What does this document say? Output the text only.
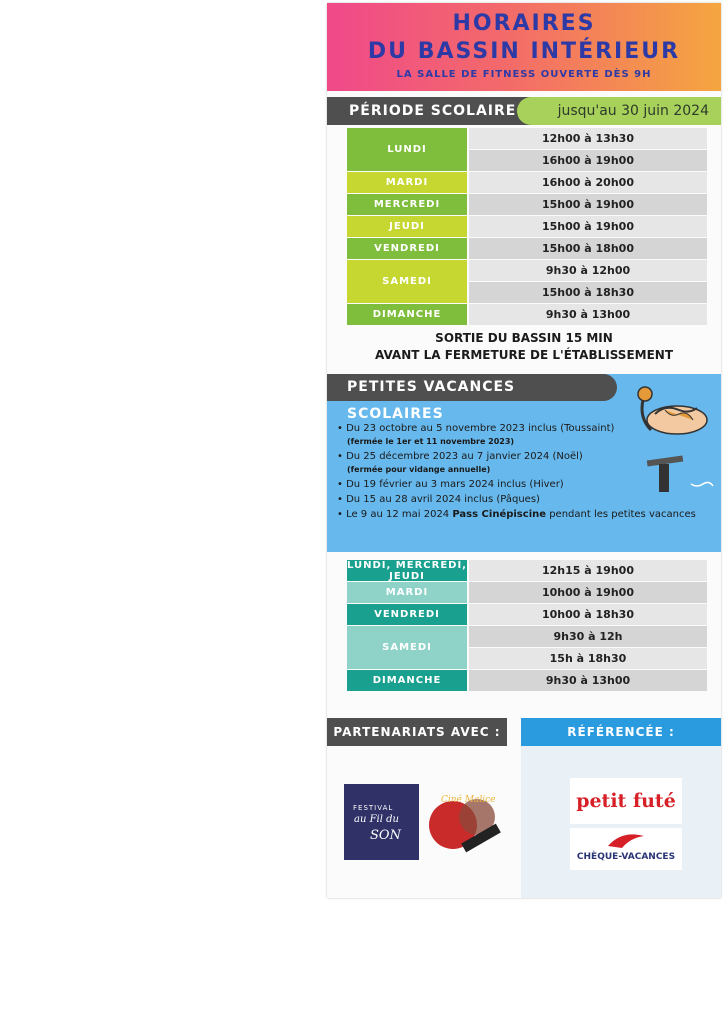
HORAIRES
DU BASSIN INTÉRIEUR
LA SALLE DE FITNESS OUVERTE DÈS 9H
PÉRIODE SCOLAIRE	jusqu'au 30 juin 2024
LUNDI
12h00 à 13h30
16h00 à 19h00
MARDI	16h00 à 20h00
MERCREDI	15h00 à 19h00
JEUDI	15h00 à 19h00
VENDREDI	15h00 à 18h00
SAMEDI
9h30 à 12h00
15h00 à 18h30
DIMANCHE	9h30 à 13h00
SORTIE DU BASSIN 15 MIN
AVANT LA FERMETURE DE L'ÉTABLISSEMENT
PETITES VACANCES SCOLAIRES
• Du 23 octobre au 5 novembre 2023 inclus (Toussaint)
(fermée le 1er et 11 novembre 2023)
• Du 25 décembre 2023 au 7 janvier 2024 (Noël)
(fermée pour vidange annuelle)
• Du 19 février au 3 mars 2024 inclus (Hiver)
• Du 15 au 28 avril 2024 inclus (Pâques)
• Le 9 au 12 mai 2024 Pass Cinépiscine pendant les petites vacances
LUNDI, MERCREDI, JEUDI	12h15 à 19h00
MARDI	10h00 à 19h00
VENDREDI	10h00 à 18h30
SAMEDI
9h30 à 12h
15h à 18h30
DIMANCHE	9h30 à 13h00
PARTENARIATS AVEC :	RÉFÉRENCÉE :
FESTIVAL
au Fil du
SON
Ciné Malice	petit futé
CHÈQUE-VACANCES
